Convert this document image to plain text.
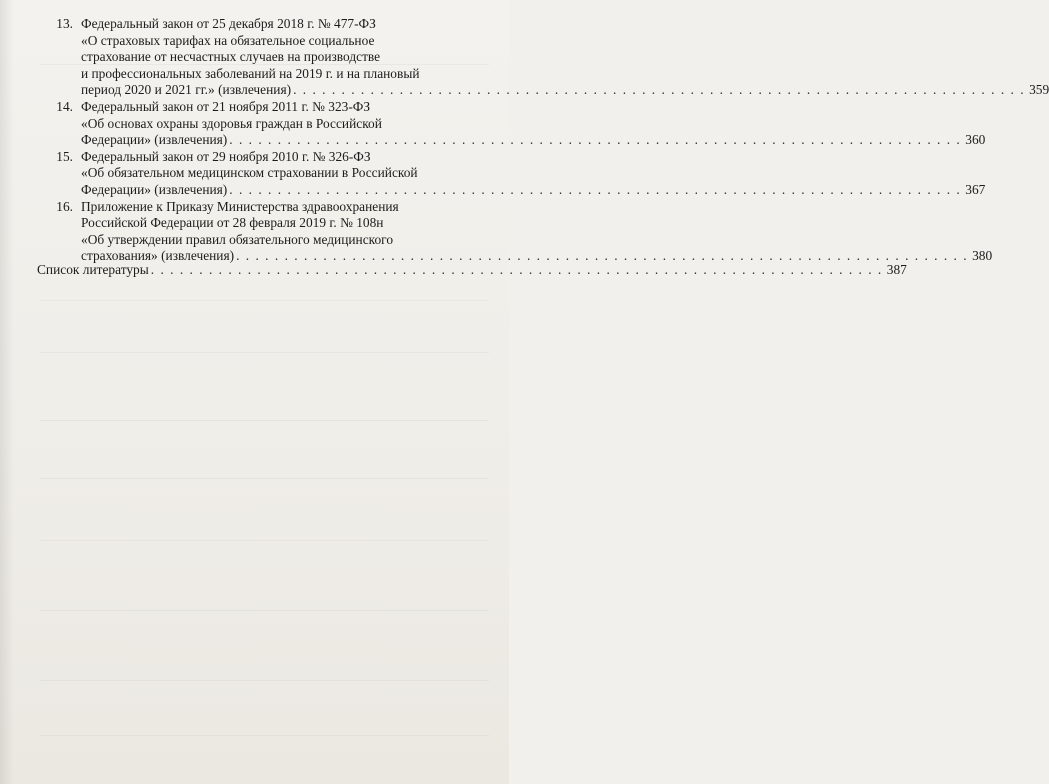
13. Федеральный закон от 25 декабря 2018 г. № 477-ФЗ
«О страховых тарифах на обязательное социальное
страхование от несчастных случаев на производстве
и профессиональных заболеваний на 2019 г. и на плановый
период 2020 и 2021 гг.» (извлечения) . . .	359
14. Федеральный закон от 21 ноября 2011 г. № 323-ФЗ
«Об основах охраны здоровья граждан в Российской
Федерации» (извлечения) . . .	360
15. Федеральный закон от 29 ноября 2010 г. № 326-ФЗ
«Об обязательном медицинском страховании в Российской
Федерации» (извлечения) . . .	367
16. Приложение к Приказу Министерства здравоохранения
Российской Федерации от 28 февраля 2019 г. № 108н
«Об утверждении правил обязательного медицинского
страхования» (извлечения) . . .	380
Список литературы . . .	387
